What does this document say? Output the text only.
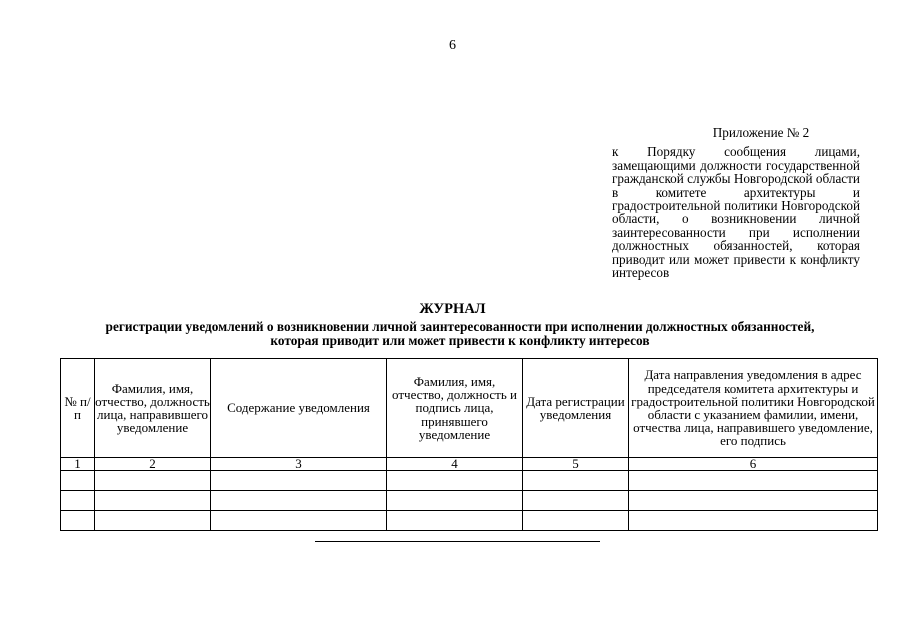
6
Приложение № 2
к Порядку сообщения лицами, замещающими должности государственной гражданской службы Новгородской области в комитете архитектуры и градостроительной политики Новгородской области, о возникновении личной заинтересованности при исполнении должностных обязанностей, которая приводит или может привести к конфликту интересов
ЖУРНАЛ
регистрации уведомлений о возникновении личной заинтересованности при исполнении должностных обязанностей, которая приводит или может привести к конфликту интересов
№ п/п	Фамилия, имя, отчество, должность лица, направившего уведомление	Содержание уведомления	Фамилия, имя, отчество, должность и подпись лица, принявшего уведомление	Дата регистрации уведомления	Дата направления уведомления в адрес председателя комитета архитектуры и градостроительной политики Новгородской области с указанием фамилии, имени, отчества лица, направившего уведомление, его подпись
1	2	3	4	5	6
